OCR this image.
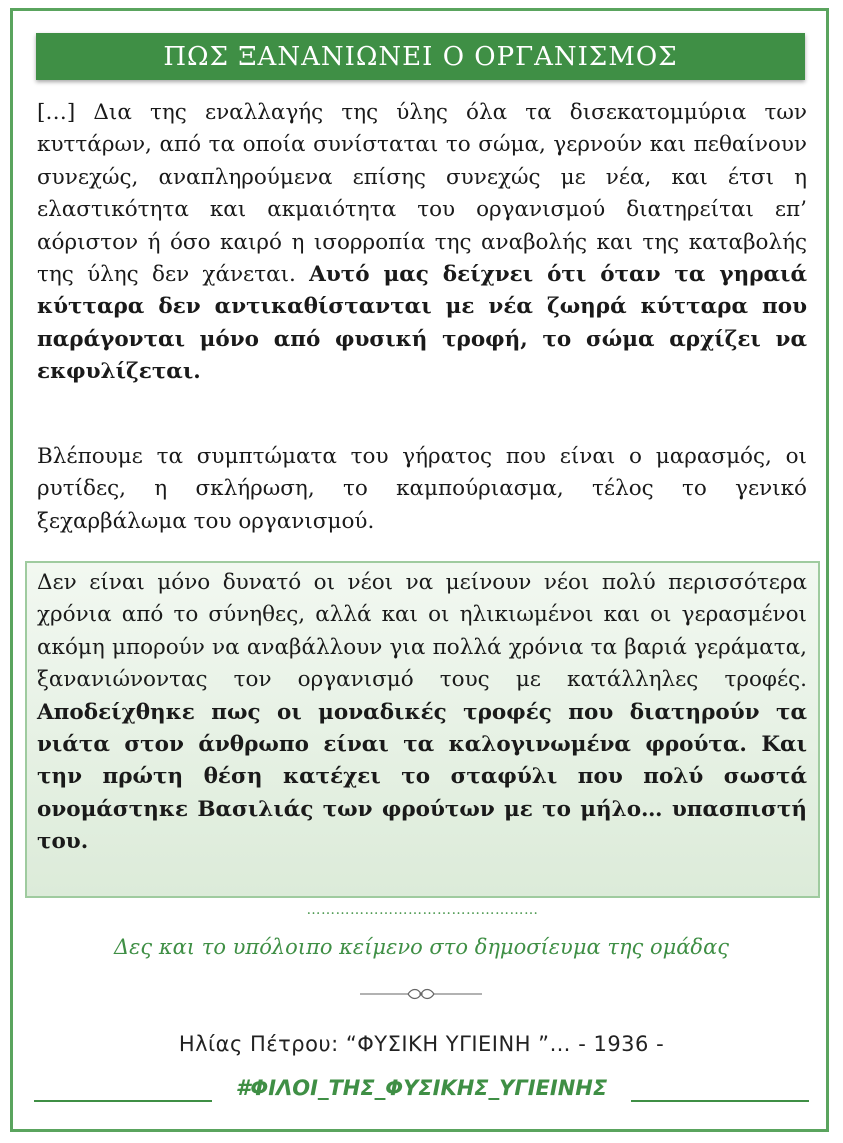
ΠΩΣ ΞΑΝΑΝΙΩΝΕΙ Ο ΟΡΓΑΝΙΣΜΟΣ

[…] Δια της εναλλαγής της ύλης όλα τα δισεκατομμύρια των κυττάρων, από τα οποία συνίσταται το σώμα, γερνούν και πεθαίνουν συνεχώς, αναπληρούμενα επίσης συνεχώς με νέα, και έτσι η ελαστικότητα και ακμαιότητα του οργανισμού διατηρείται επ’ αόριστον ή όσο καιρό η ισορροπία της αναβολής και της καταβολής της ύλης δεν χάνεται. Αυτό μας δείχνει ότι όταν τα γηραιά κύτταρα δεν αντικαθίστανται με νέα ζωηρά κύτταρα που παράγονται μόνο από φυσική τροφή, το σώμα αρχίζει να εκφυλίζεται.

Βλέπουμε τα συμπτώματα του γήρατος που είναι ο μαρασμός, οι ρυτίδες, η σκλήρωση, το καμπούριασμα, τέλος το γενικό ξεχαρβάλωμα του οργανισμού.

Δεν είναι μόνο δυνατό οι νέοι να μείνουν νέοι πολύ περισσότερα χρόνια από το σύνηθες, αλλά και οι ηλικιωμένοι και οι γερασμένοι ακόμη μπορούν να αναβάλλουν για πολλά χρόνια τα βαριά γεράματα, ξανανιώνοντας τον οργανισμό τους με κατάλληλες τροφές. Αποδείχθηκε πως οι μοναδικές τροφές που διατηρούν τα νιάτα στον άνθρωπο είναι τα καλογινωμένα φρούτα. Και την πρώτη θέση κατέχει το σταφύλι που πολύ σωστά ονομάστηκε Βασιλιάς των φρούτων με το μήλο… υπασπιστή του.

…………………………………………
Δες και το υπόλοιπο κείμενο στο δημοσίευμα της ομάδας
Ηλίας Πέτρου: “ΦΥΣΙΚΗ ΥΓΙΕΙΝΗ ”… - 1936 -
#ΦΙΛΟΙ_ΤΗΣ_ΦΥΣΙΚΗΣ_ΥΓΙΕΙΝΗΣ
